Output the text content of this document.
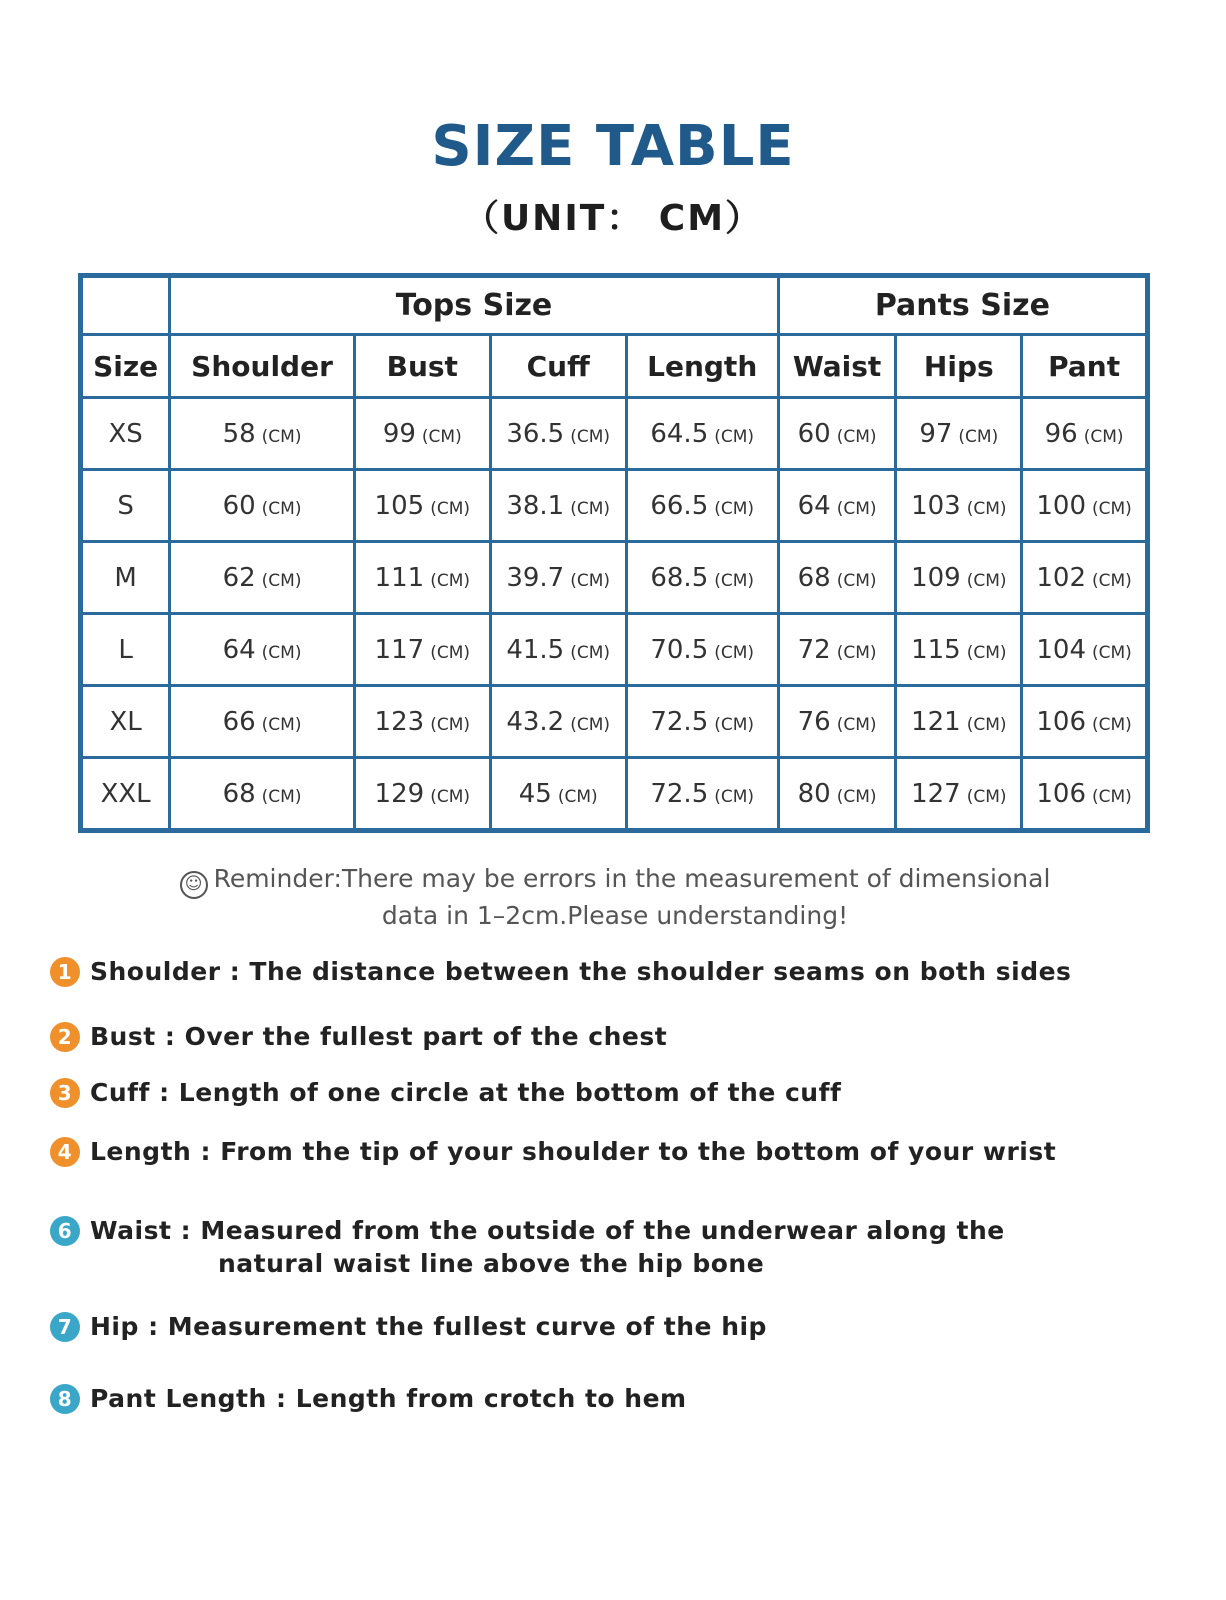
SIZE TABLE
（UNIT： CM）
	Tops Size				Pants Size		
Size	Shoulder	Bust	Cuff	Length	Waist	Hips	Pant
XS	58 (CM)	99 (CM)	36.5 (CM)	64.5 (CM)	60 (CM)	97 (CM)	96 (CM)
S	60 (CM)	105 (CM)	38.1 (CM)	66.5 (CM)	64 (CM)	103 (CM)	100 (CM)
M	62 (CM)	111 (CM)	39.7 (CM)	68.5 (CM)	68 (CM)	109 (CM)	102 (CM)
L	64 (CM)	117 (CM)	41.5 (CM)	70.5 (CM)	72 (CM)	115 (CM)	104 (CM)
XL	66 (CM)	123 (CM)	43.2 (CM)	72.5 (CM)	76 (CM)	121 (CM)	106 (CM)
XXL	68 (CM)	129 (CM)	45 (CM)	72.5 (CM)	80 (CM)	127 (CM)	106 (CM)
☺ Reminder:There may be errors in the measurement of dimensional
data in 1–2cm.Please understanding!
1 Shoulder : The distance between the shoulder seams on both sides
2 Bust : Over the fullest part of the chest
3 Cuff : Length of one circle at the bottom of the cuff
4 Length : From the tip of your shoulder to the bottom of your wrist
6 Waist : Measured from the outside of the underwear along the
natural waist line above the hip bone
7 Hip : Measurement the fullest curve of the hip
8 Pant Length : Length from crotch to hem
